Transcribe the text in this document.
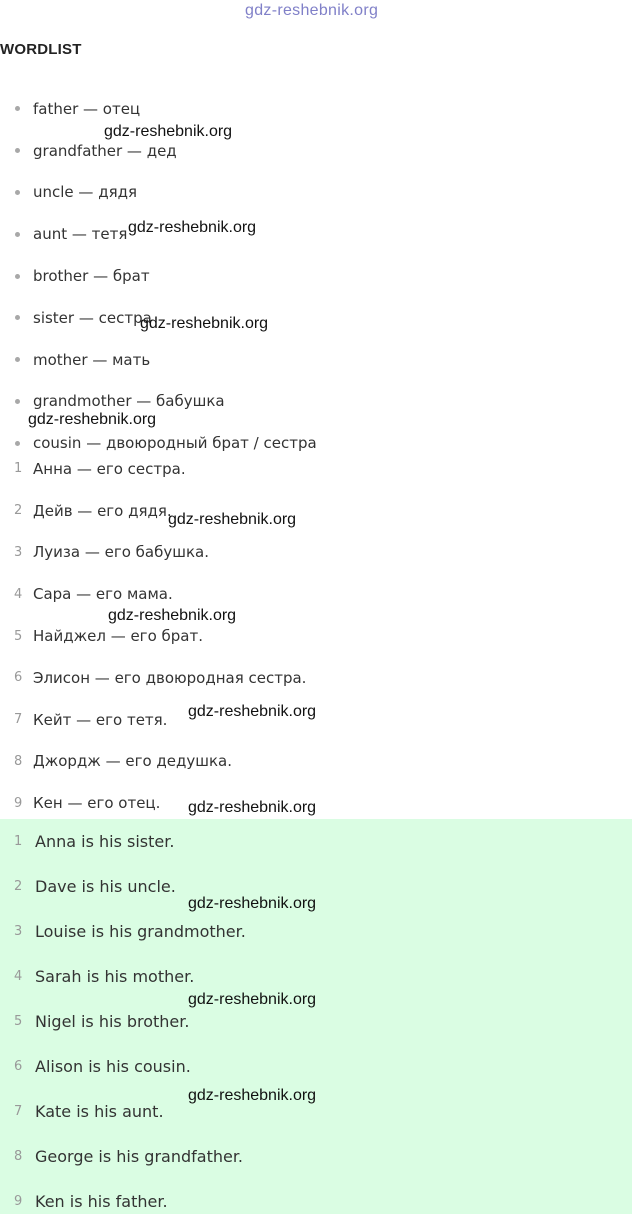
gdz-reshebnik.org
WORDLIST
father — отец
grandfather — дед
uncle — дядя
aunt — тетя
brother — брат
sister — сестра
mother — мать
grandmother — бабушка
cousin — двоюродный брат / сестра
1 Анна — его сестра.
2 Дейв — его дядя.
3 Луиза — его бабушка.
4 Сара — его мама.
5 Найджел — его брат.
6 Элисон — его двоюродная сестра.
7 Кейт — его тетя.
8 Джордж — его дедушка.
9 Кен — его отец.
1 Anna is his sister.
2 Dave is his uncle.
3 Louise is his grandmother.
4 Sarah is his mother.
5 Nigel is his brother.
6 Alison is his cousin.
7 Kate is his aunt.
8 George is his grandfather.
9 Ken is his father.
gdz-reshebnik.org
gdz-reshebnik.org
gdz-reshebnik.org
gdz-reshebnik.org
gdz-reshebnik.org
gdz-reshebnik.org
gdz-reshebnik.org
gdz-reshebnik.org
gdz-reshebnik.org
gdz-reshebnik.org
gdz-reshebnik.org
